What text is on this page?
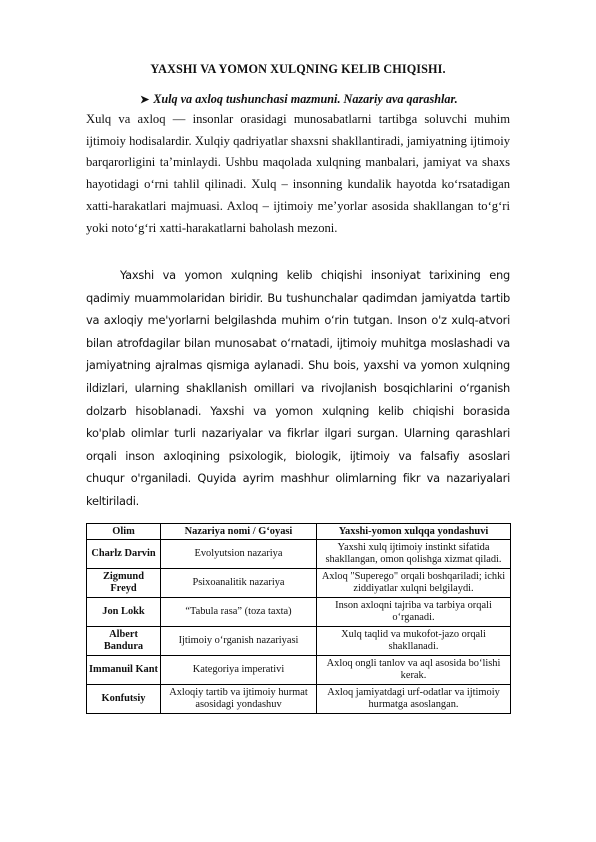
YAXSHI VA YOMON XULQNING KELIB CHIQISHI.
➤ Xulq va axloq tushunchasi mazmuni. Nazariy ava qarashlar.
Xulq va axloq — insonlar orasidagi munosabatlarni tartibga soluvchi muhim ijtimoiy hodisalardir. Xulqiy qadriyatlar shaxsni shakllantiradi, jamiyatning ijtimoiy barqarorligini ta’minlaydi. Ushbu maqolada xulqning manbalari, jamiyat va shaxs hayotidagi o‘rni tahlil qilinadi. Xulq – insonning kundalik hayotda ko‘rsatadigan xatti-harakatlari majmuasi. Axloq – ijtimoiy me’yorlar asosida shakllangan to‘g‘ri yoki noto‘g‘ri xatti-harakatlarni baholash mezoni.
Yaxshi va yomon xulqning kelib chiqishi insoniyat tarixining eng qadimiy muammolaridan biridir. Bu tushunchalar qadimdan jamiyatda tartib va axloqiy me'yorlarni belgilashda muhim o‘rin tutgan. Inson o'z xulq-atvori bilan atrofdagilar bilan munosabat o‘rnatadi, ijtimoiy muhitga moslashadi va jamiyatning ajralmas qismiga aylanadi. Shu bois, yaxshi va yomon xulqning ildizlari, ularning shakllanish omillari va rivojlanish bosqichlarini o‘rganish dolzarb hisoblanadi. Yaxshi va yomon xulqning kelib chiqishi borasida ko'plab olimlar turli nazariyalar va fikrlar ilgari surgan. Ularning qarashlari orqali inson axloqining psixologik, biologik, ijtimoiy va falsafiy asoslari chuqur o'rganiladi. Quyida ayrim mashhur olimlarning fikr va nazariyalari keltiriladi.
Olim	Nazariya nomi / G‘oyasi	Yaxshi-yomon xulqqa yondashuvi
Charlz Darvin	Evolyutsion nazariya	Yaxshi xulq ijtimoiy instinkt sifatida shakllangan, omon qolishga xizmat qiladi.
Zigmund Freyd	Psixoanalitik nazariya	Axloq "Superego" orqali boshqariladi; ichki ziddiyatlar xulqni belgilaydi.
Jon Lokk	“Tabula rasa” (toza taxta)	Inson axloqni tajriba va tarbiya orqali o‘rganadi.
Albert Bandura	Ijtimoiy o‘rganish nazariyasi	Xulq taqlid va mukofot-jazo orqali shakllanadi.
Immanuil Kant	Kategoriya imperativi	Axloq ongli tanlov va aql asosida bo‘lishi kerak.
Konfutsiy	Axloqiy tartib va ijtimoiy hurmat asosidagi yondashuv	Axloq jamiyatdagi urf-odatlar va ijtimoiy hurmatga asoslangan.
